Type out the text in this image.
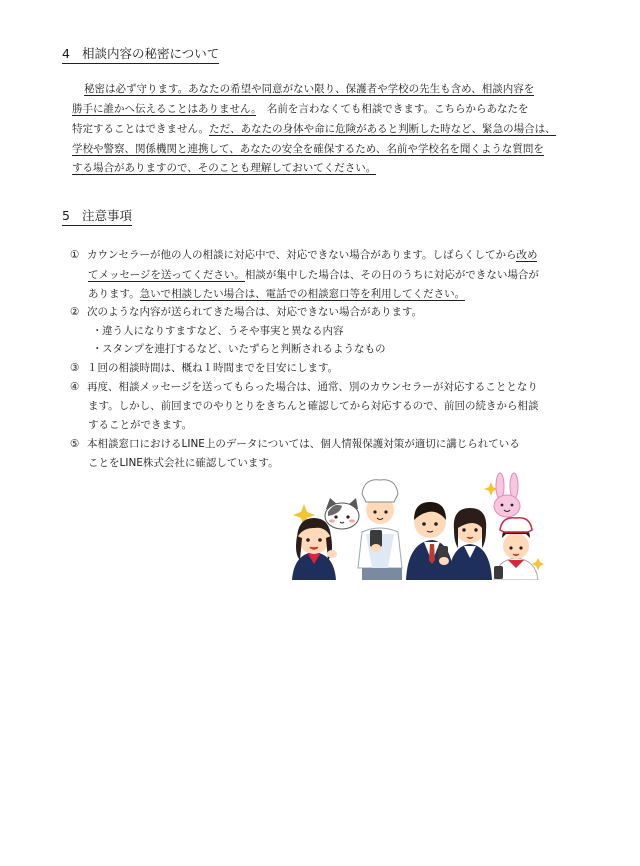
4 相談内容の秘密について
秘密は必ず守ります。あなたの希望や同意がない限り、保護者や学校の先生も含め、相談内容を
勝手に誰かへ伝えることはありません。　名前を言わなくても相談できます。こちらからあなたを
特定することはできません。ただ、あなたの身体や命に危険があると判断した時など、緊急の場合は、
学校や警察、関係機関と連携して、あなたの安全を確保するため、名前や学校名を聞くような質問を
する場合がありますので、そのことも理解しておいてください。
5 注意事項
① カウンセラーが他の人の相談に対応中で、対応できない場合があります。しばらくしてから改め
てメッセージを送ってください。相談が集中した場合は、その日のうちに対応ができない場合が
あります。急いで相談したい場合は、電話での相談窓口等を利用してください。
② 次のような内容が送られてきた場合は、対応できない場合があります。
・違う人になりすますなど、うそや事実と異なる内容
・スタンプを連打するなど、いたずらと判断されるようなもの
③ １回の相談時間は、概ね１時間までを目安にします。
④ 再度、相談メッセージを送ってもらった場合は、通常、別のカウンセラーが対応することとなり
ます。しかし、前回までのやりとりをきちんと確認してから対応するので、前回の続きから相談
することができます。
⑤ 本相談窓口におけるLINE上のデータについては、個人情報保護対策が適切に講じられている
ことをLINE株式会社に確認しています。
